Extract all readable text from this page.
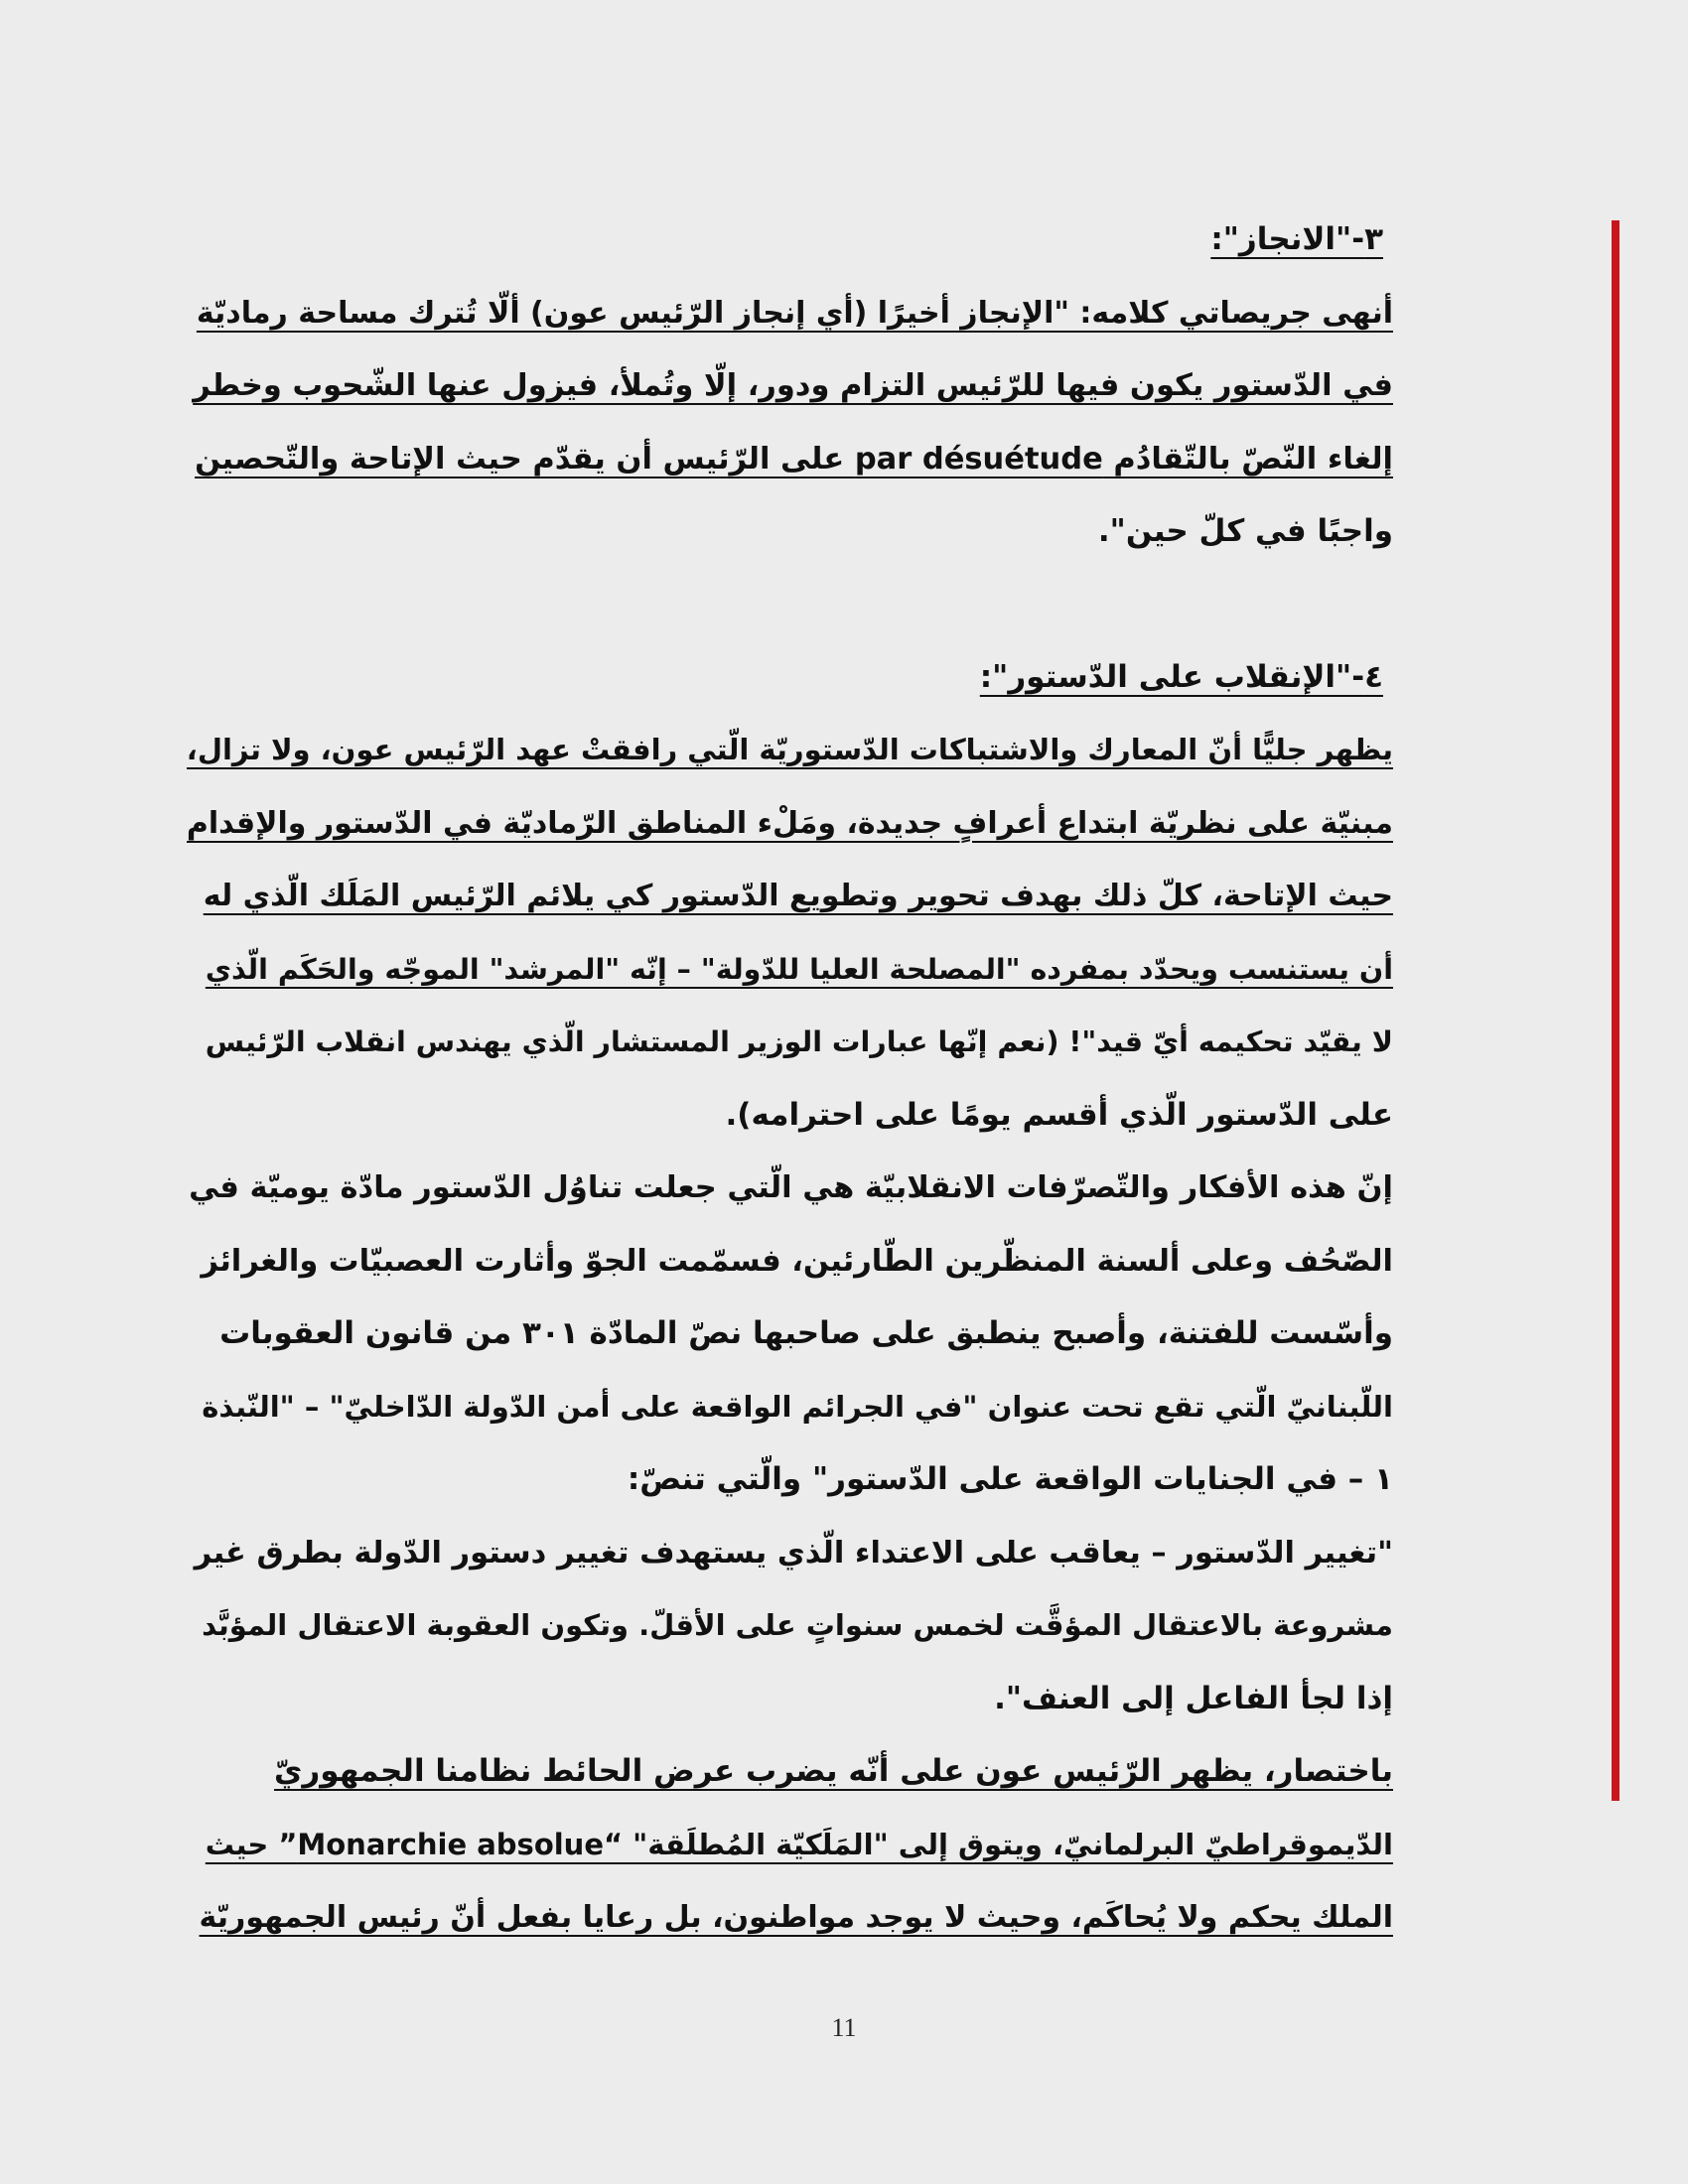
٣-"الانجاز":
أنهى جريصاتي كلامه: "الإنجاز أخيرًا (أي إنجاز الرّئيس عون) ألّا تُترك مساحة رماديّة
في الدّستور يكون فيها للرّئيس التزام ودور، إلّا وتُملأ، فيزول عنها الشّحوب وخطر
إلغاء النّصّ بالتّقادُم par désuétude على الرّئيس أن يقدّم حيث الإتاحة والتّحصين
واجبًا في كلّ حين".
٤-"الإنقلاب على الدّستور":
يظهر جليًّا أنّ المعارك والاشتباكات الدّستوريّة الّتي رافقتْ عهد الرّئيس عون، ولا تزال،
مبنيّة على نظريّة ابتداع أعرافٍ جديدة، ومَلْء المناطق الرّماديّة في الدّستور والإقدام
حيث الإتاحة، كلّ ذلك بهدف تحوير وتطويع الدّستور كي يلائم الرّئيس المَلَك الّذي له
أن يستنسب ويحدّد بمفرده "المصلحة العليا للدّولة" – إنّه "المرشد" الموجّه والحَكَم الّذي
لا يقيّد تحكيمه أيّ قيد"! (نعم إنّها عبارات الوزير المستشار الّذي يهندس انقلاب الرّئيس
على الدّستور الّذي أقسم يومًا على احترامه).
إنّ هذه الأفكار والتّصرّفات الانقلابيّة هي الّتي جعلت تناوُل الدّستور مادّة يوميّة في
الصّحُف وعلى ألسنة المنظّرين الطّارئين، فسمّمت الجوّ وأثارت العصبيّات والغرائز
وأسّست للفتنة، وأصبح ينطبق على صاحبها نصّ المادّة ٣٠١ من قانون العقوبات
اللّبنانيّ الّتي تقع تحت عنوان "في الجرائم الواقعة على أمن الدّولة الدّاخليّ" – "النّبذة
١ – في الجنايات الواقعة على الدّستور" والّتي تنصّ:
"تغيير الدّستور – يعاقب على الاعتداء الّذي يستهدف تغيير دستور الدّولة بطرق غير
مشروعة بالاعتقال المؤقَّت لخمس سنواتٍ على الأقلّ. وتكون العقوبة الاعتقال المؤبَّد
إذا لجأ الفاعل إلى العنف".
باختصار، يظهر الرّئيس عون على أنّه يضرب عرض الحائط نظامنا الجمهوريّ
الدّيموقراطيّ البرلمانيّ، ويتوق إلى "المَلَكيّة المُطلَقة" “Monarchie absolue” حيث
الملك يحكم ولا يُحاكَم، وحيث لا يوجد مواطنون، بل رعايا بفعل أنّ رئيس الجمهوريّة
11
